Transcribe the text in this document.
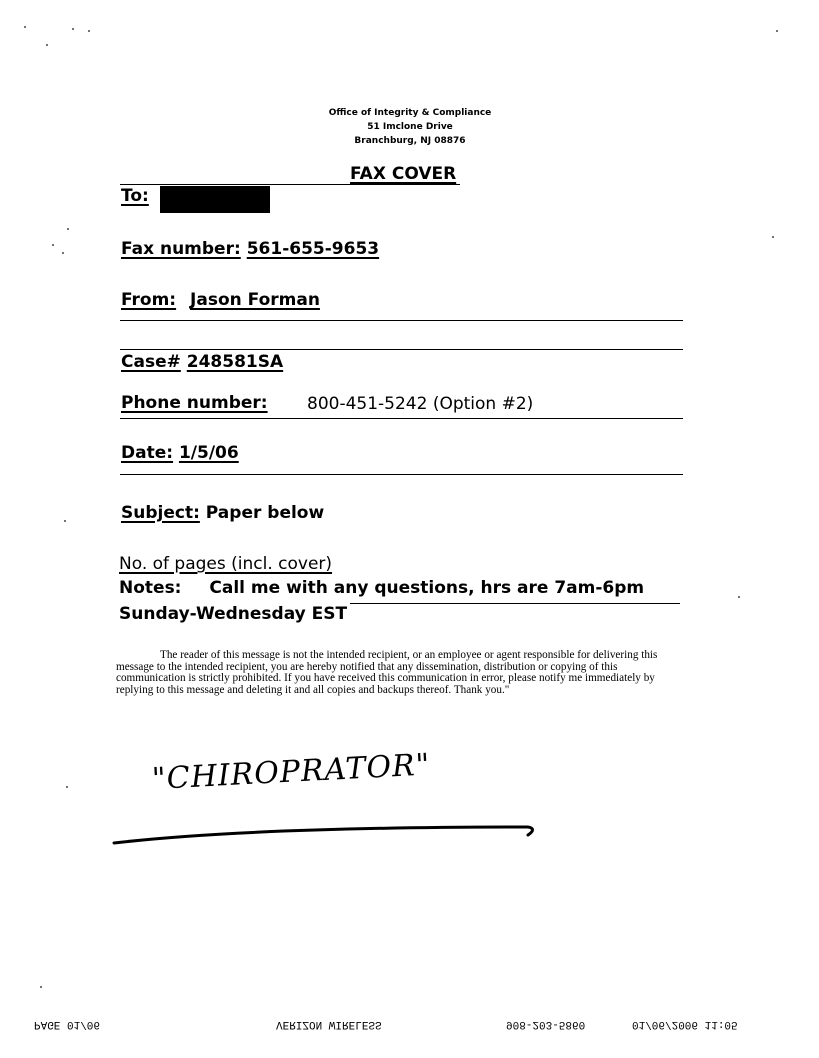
Office of Integrity & Compliance
51 Imclone Drive
Branchburg, NJ 08876
FAX COVER
To:
Fax number: 561-655-9653
From: Jason Forman
Case# 248581SA
Phone number: 800-451-5242 (Option #2)
Date: 1/5/06
Subject: Paper below
No. of pages (incl. cover)
Notes: Call me with any questions, hrs are 7am-6pm
Sunday-Wednesday EST
The reader of this message is not the intended recipient, or an employee or agent responsible for delivering this message to the intended recipient, you are hereby notified that any dissemination, distribution or copying of this communication is strictly prohibited. If you have received this communication in error, please notify me immediately by replying to this message and deleting it and all copies and backups thereof. Thank you."
"CHIROPRATOR"
PAGE 01/06	VERIZON WIRELESS	908-203-5860	01/06/2006 11:05
